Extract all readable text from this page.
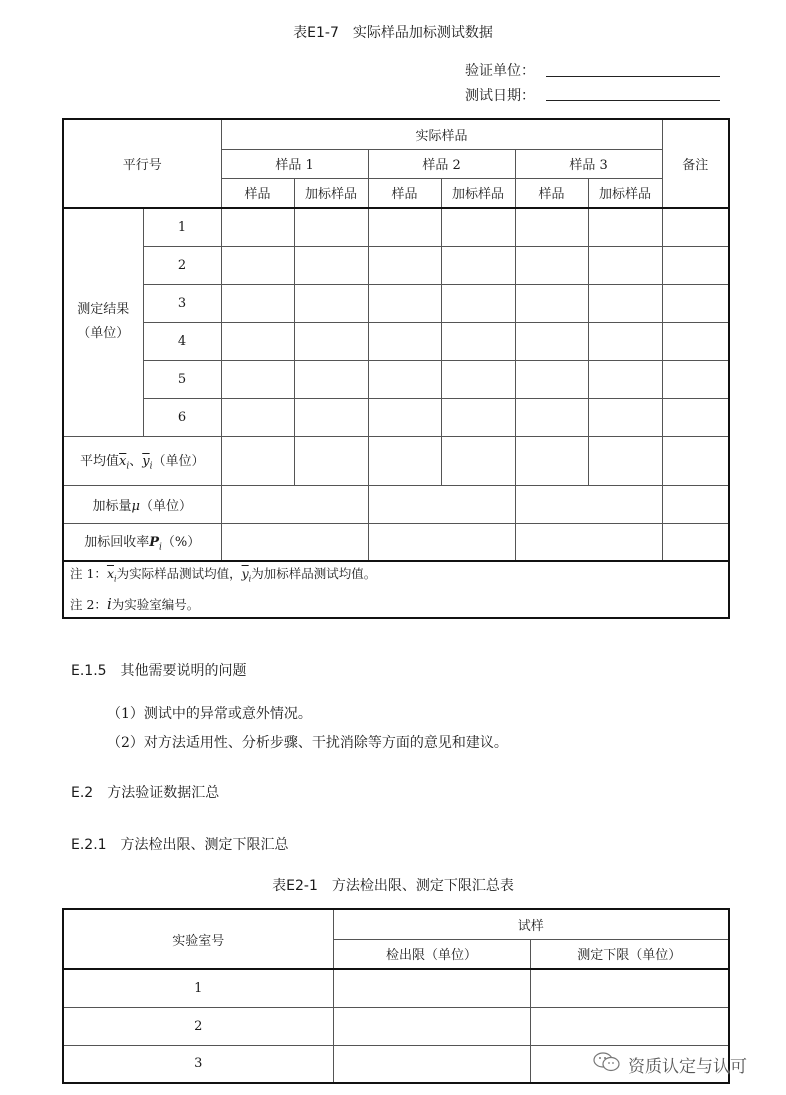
表E1-7　实际样品加标测试数据
验证单位：
测试日期：
平行号		实际样品						备注
		样品 1		样品 2		样品 3		
		样品	加标样品	样品	加标样品	样品	加标样品	

测定结果
（单位）	1							
	2							
	3							
	4							
	5							
	6							
平均值$\overline{x}_i$、$\overline{y}_i$（单位）								
加标量μ（单位）								
加标回收率$P_i(\%)$								

注 1：$\overline{x}_i$为实际样品测试均值，$\overline{y}_i$为加标样品测试均值。
注 2：i为实验室编号。								
E.1.5　其他需要说明的问题
（1）测试中的异常或意外情况。
（2）对方法适用性、分析步骤、干扰消除等方面的意见和建议。
E.2　方法验证数据汇总
E.2.1　方法检出限、测定下限汇总
表E2-1　方法检出限、测定下限汇总表
实验室号	试样	
	检出限（单位）	测定下限（单位）
1		
2		
3			资质认定与认可
